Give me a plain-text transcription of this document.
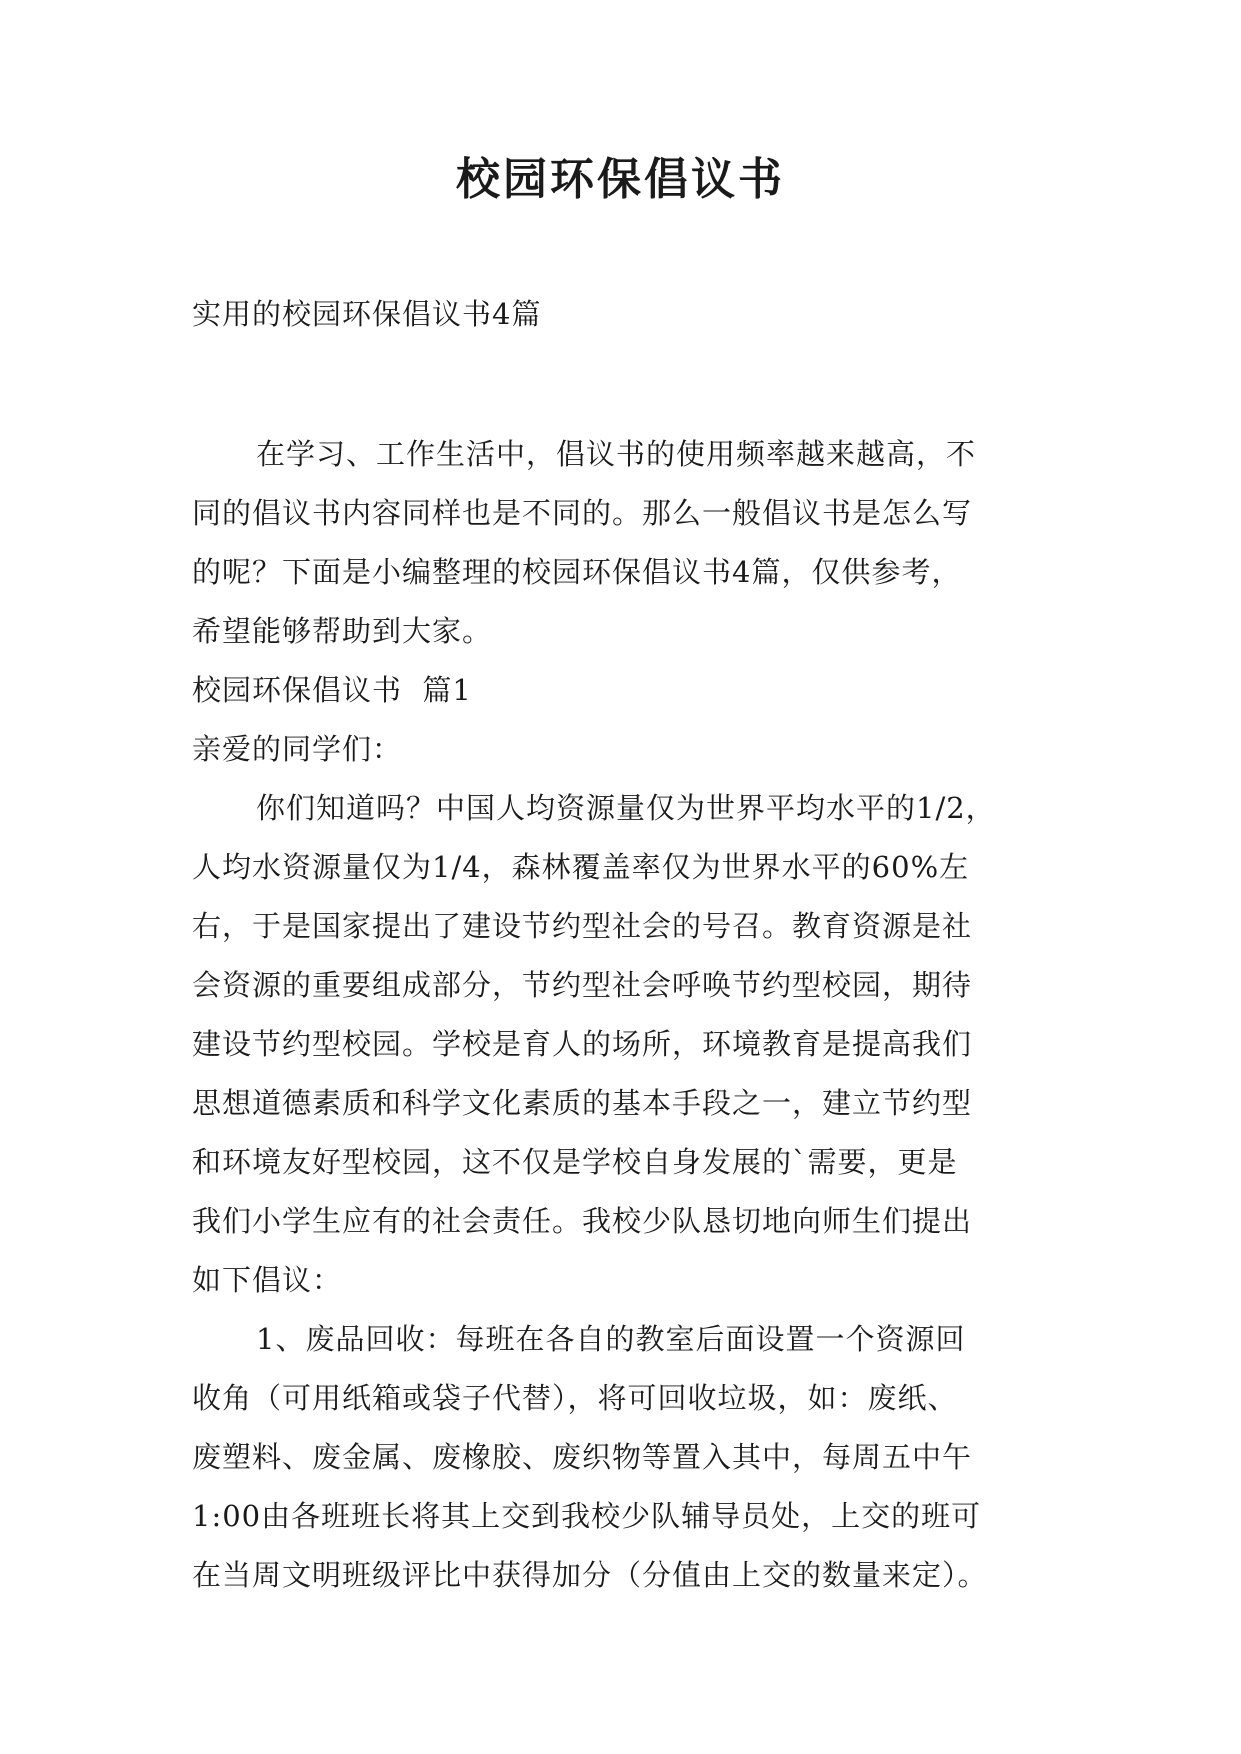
校园环保倡议书
实用的校园环保倡议书4篇
在学习、工作生活中，倡议书的使用频率越来越高，不
同的倡议书内容同样也是不同的。那么一般倡议书是怎么写
的呢？下面是小编整理的校园环保倡议书4篇，仅供参考，
希望能够帮助到大家。
校园环保倡议书  篇1
亲爱的同学们：
你们知道吗？中国人均资源量仅为世界平均水平的1/2，
人均水资源量仅为1/4，森林覆盖率仅为世界水平的60%左
右，于是国家提出了建设节约型社会的号召。教育资源是社
会资源的重要组成部分，节约型社会呼唤节约型校园，期待
建设节约型校园。学校是育人的场所，环境教育是提高我们
思想道德素质和科学文化素质的基本手段之一，建立节约型
和环境友好型校园，这不仅是学校自身发展的`需要，更是
我们小学生应有的社会责任。我校少队恳切地向师生们提出
如下倡议：
1、废品回收：每班在各自的教室后面设置一个资源回
收角（可用纸箱或袋子代替），将可回收垃圾，如：废纸、
废塑料、废金属、废橡胶、废织物等置入其中，每周五中午
1:00由各班班长将其上交到我校少队辅导员处，上交的班可
在当周文明班级评比中获得加分（分值由上交的数量来定）。
